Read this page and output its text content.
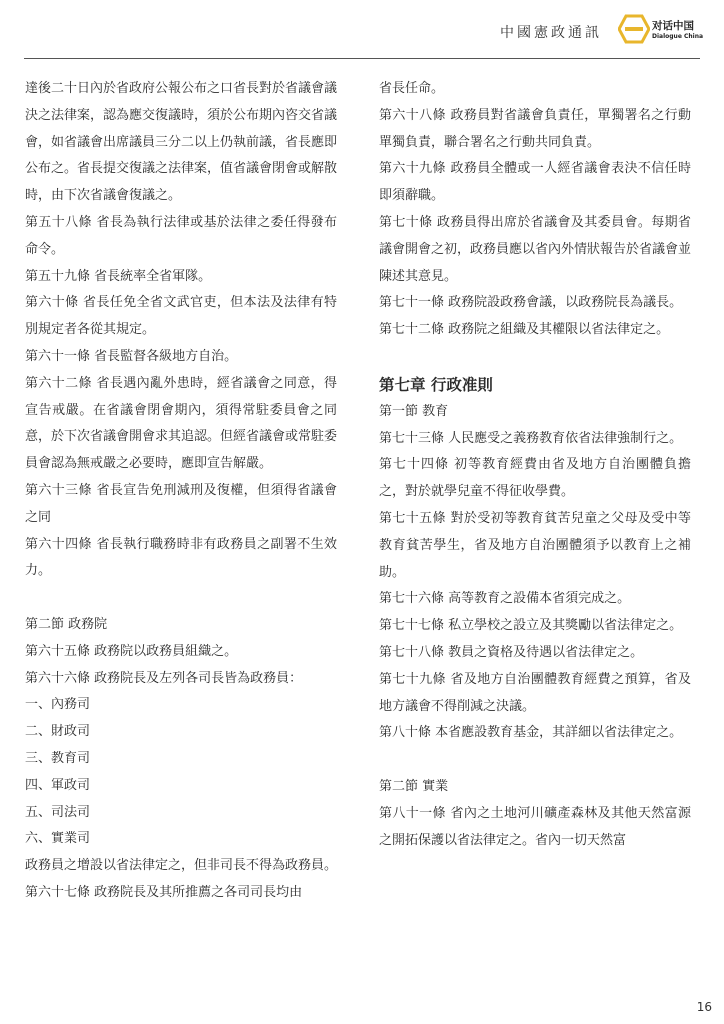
中國憲政通訊	对话中国
Dialogue China

達後二十日內於省政府公報公布之口省長對於省議會議決之法律案，認為應交復議時，須於公布期內咨交省議會，如省議會出席議員三分二以上仍執前議，省長應即公布之。省長提交復議之法律案，值省議會閉會或解散時，由下次省議會復議之。

第五十八條 省長為執行法律或基於法律之委任得發布命令。

第五十九條 省長統率全省軍隊。

第六十條 省長任免全省文武官吏，但本法及法律有特別規定者各從其規定。

第六十一條 省長監督各級地方自治。

第六十二條 省長遇內亂外患時，經省議會之同意，得宣告戒嚴。在省議會閉會期內，須得常駐委員會之同意，於下次省議會開會求其追認。但經省議會或常駐委員會認為無戒嚴之必要時，應即宣告解嚴。

第六十三條 省長宣告免刑減刑及復權，但須得省議會之同

第六十四條 省長執行職務時非有政務員之副署不生效力。

第二節 政務院

第六十五條 政務院以政務員組織之。

第六十六條 政務院長及左列各司長皆為政務員：

一、內務司

二、財政司

三、教育司

四、軍政司

五、司法司

六、實業司

政務員之增設以省法律定之，但非司長不得為政務員。

第六十七條 政務院長及其所推薦之各司司長均由

省長任命。

第六十八條 政務員對省議會負責任，單獨署名之行動單獨負責，聯合署名之行動共同負責。

第六十九條 政務員全體或一人經省議會表決不信任時即須辭職。

第七十條 政務員得出席於省議會及其委員會。每期省議會開會之初，政務員應以省內外情狀報告於省議會並陳述其意見。

第七十一條 政務院設政務會議，以政務院長為議長。

第七十二條 政務院之組織及其權限以省法律定之。

第七章 行政准則

第一節 教育

第七十三條 人民應受之義務教育依省法律強制行之。

第七十四條 初等教育經費由省及地方自治團體負擔之，對於就學兒童不得征收學費。

第七十五條 對於受初等教育貧苦兒童之父母及受中等教育貧苦學生，省及地方自治團體須予以教育上之補助。

第七十六條 高等教育之設備本省須完成之。

第七十七條 私立學校之設立及其獎勵以省法律定之。

第七十八條 教員之資格及待遇以省法律定之。

第七十九條 省及地方自治團體教育經費之預算，省及地方議會不得削減之決議。

第八十條 本省應設教育基金，其詳細以省法律定之。

第二節 實業

第八十一條 省內之土地河川礦產森林及其他天然富源之開拓保護以省法律定之。省內一切天然富

16
